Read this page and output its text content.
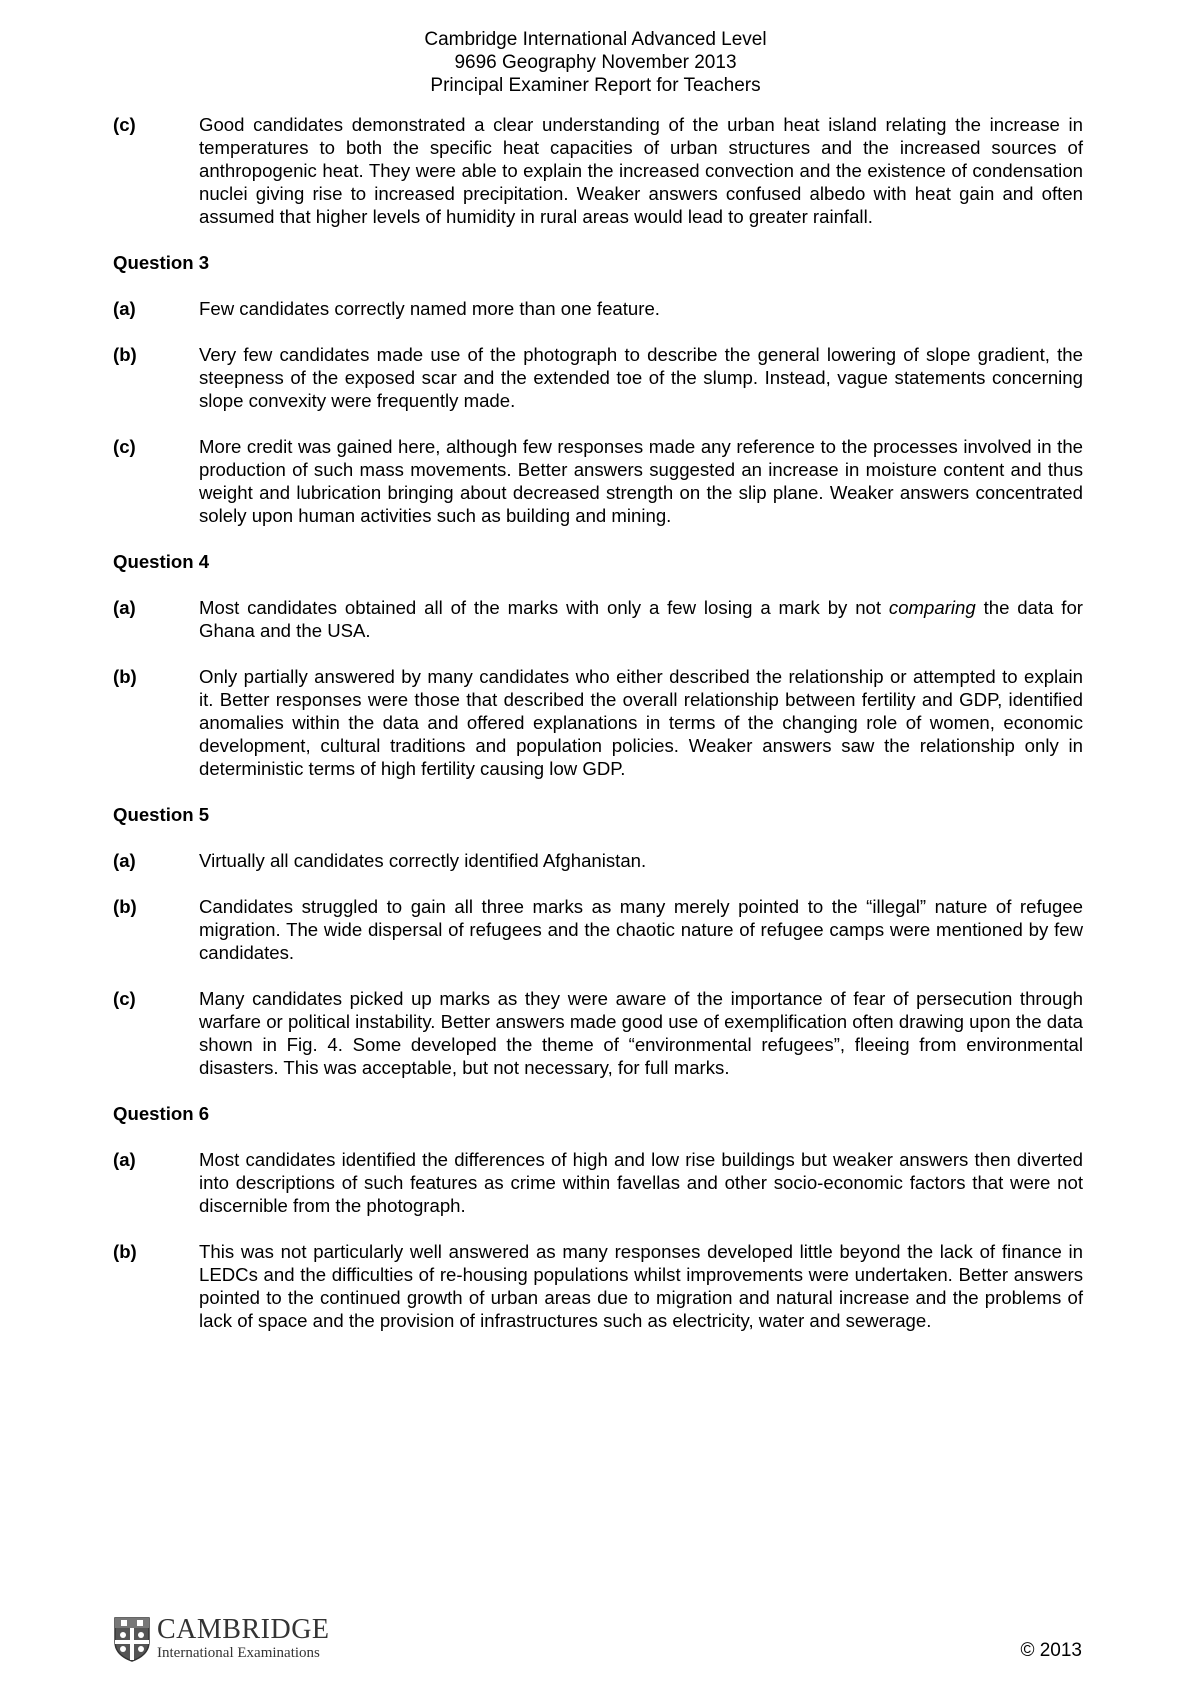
Cambridge International Advanced Level
9696 Geography November 2013
Principal Examiner Report for Teachers
(c)	Good candidates demonstrated a clear understanding of the urban heat island relating the increase in temperatures to both the specific heat capacities of urban structures and the increased sources of anthropogenic heat. They were able to explain the increased convection and the existence of condensation nuclei giving rise to increased precipitation. Weaker answers confused albedo with heat gain and often assumed that higher levels of humidity in rural areas would lead to greater rainfall.
Question 3
(a)	Few candidates correctly named more than one feature.
(b)	Very few candidates made use of the photograph to describe the general lowering of slope gradient, the steepness of the exposed scar and the extended toe of the slump. Instead, vague statements concerning slope convexity were frequently made.
(c)	More credit was gained here, although few responses made any reference to the processes involved in the production of such mass movements. Better answers suggested an increase in moisture content and thus weight and lubrication bringing about decreased strength on the slip plane. Weaker answers concentrated solely upon human activities such as building and mining.
Question 4
(a)	Most candidates obtained all of the marks with only a few losing a mark by not comparing the data for Ghana and the USA.
(b)	Only partially answered by many candidates who either described the relationship or attempted to explain it. Better responses were those that described the overall relationship between fertility and GDP, identified anomalies within the data and offered explanations in terms of the changing role of women, economic development, cultural traditions and population policies. Weaker answers saw the relationship only in deterministic terms of high fertility causing low GDP.
Question 5
(a)	Virtually all candidates correctly identified Afghanistan.
(b)	Candidates struggled to gain all three marks as many merely pointed to the “illegal” nature of refugee migration. The wide dispersal of refugees and the chaotic nature of refugee camps were mentioned by few candidates.
(c)	Many candidates picked up marks as they were aware of the importance of fear of persecution through warfare or political instability. Better answers made good use of exemplification often drawing upon the data shown in Fig. 4. Some developed the theme of “environmental refugees”, fleeing from environmental disasters. This was acceptable, but not necessary, for full marks.
Question 6
(a)	Most candidates identified the differences of high and low rise buildings but weaker answers then diverted into descriptions of such features as crime within favellas and other socio-economic factors that were not discernible from the photograph.
(b)	This was not particularly well answered as many responses developed little beyond the lack of finance in LEDCs and the difficulties of re-housing populations whilst improvements were undertaken. Better answers pointed to the continued growth of urban areas due to migration and natural increase and the problems of lack of space and the provision of infrastructures such as electricity, water and sewerage.
CAMBRIDGE
International Examinations	© 2013
